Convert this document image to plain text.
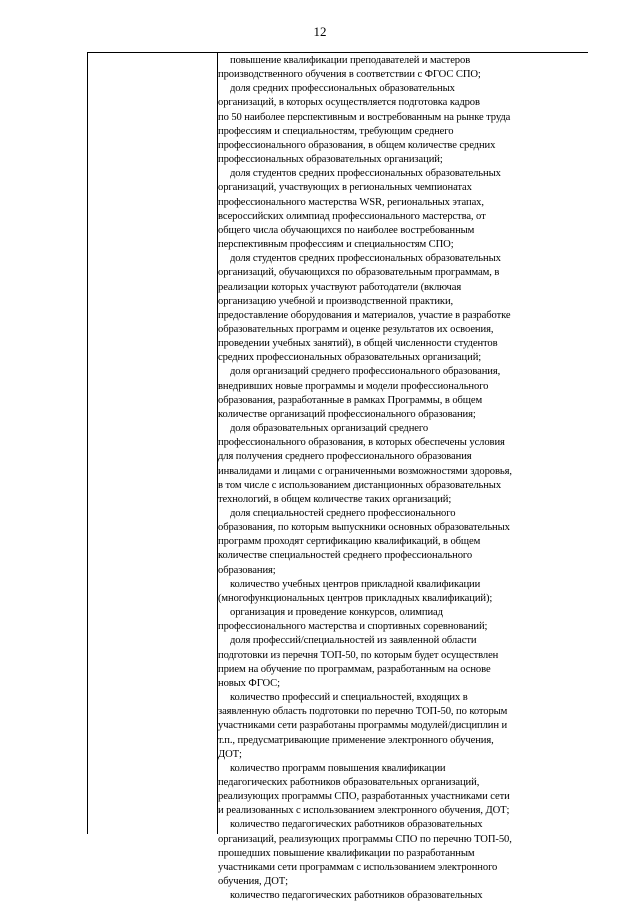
12
повышение квалификации преподавателей и мастеров
производственного обучения в соответствии с ФГОС СПО;
доля средних профессиональных образовательных
организаций, в которых осуществляется подготовка кадров
по 50 наиболее перспективным и востребованным на рынке труда
профессиям и специальностям, требующим среднего
профессионального образования, в общем количестве средних
профессиональных образовательных организаций;
доля студентов средних профессиональных образовательных
организаций, участвующих в региональных чемпионатах
профессионального мастерства WSR, региональных этапах,
всероссийских олимпиад профессионального мастерства, от
общего числа обучающихся по наиболее востребованным
перспективным профессиям и специальностям СПО;
доля студентов средних профессиональных образовательных
организаций, обучающихся по образовательным программам, в
реализации которых участвуют работодатели (включая
организацию учебной и производственной практики,
предоставление оборудования и материалов, участие в разработке
образовательных программ и оценке результатов их освоения,
проведении учебных занятий), в общей численности студентов
средних профессиональных образовательных организаций;
доля организаций среднего профессионального образования,
внедривших новые программы и модели профессионального
образования, разработанные в рамках Программы, в общем
количестве организаций профессионального образования;
доля образовательных организаций среднего
профессионального образования, в которых обеспечены условия
для получения среднего профессионального образования
инвалидами и лицами с ограниченными возможностями здоровья,
в том числе с использованием дистанционных образовательных
технологий, в общем количестве таких организаций;
доля специальностей среднего профессионального
образования, по которым выпускники основных образовательных
программ проходят сертификацию квалификаций, в общем
количестве специальностей среднего профессионального
образования;
количество учебных центров прикладной квалификации
(многофункциональных центров прикладных квалификаций);
организация и проведение конкурсов, олимпиад
профессионального мастерства и спортивных соревнований;
доля профессий/специальностей из заявленной области
подготовки из перечня ТОП-50, по которым будет осуществлен
прием на обучение по программам, разработанным на основе
новых ФГОС;
количество профессий и специальностей, входящих в
заявленную область подготовки по перечню ТОП-50, по которым
участниками сети разработаны программы модулей/дисциплин и
т.п., предусматривающие применение электронного обучения,
ДОТ;
количество программ повышения квалификации
педагогических работников образовательных организаций,
реализующих программы СПО, разработанных участниками сети
и реализованных с использованием электронного обучения, ДОТ;
количество педагогических работников образовательных
организаций, реализующих программы СПО по перечню ТОП-50,
прошедших повышение квалификации по разработанным
участниками сети программам с использованием электронного
обучения, ДОТ;
количество педагогических работников образовательных
